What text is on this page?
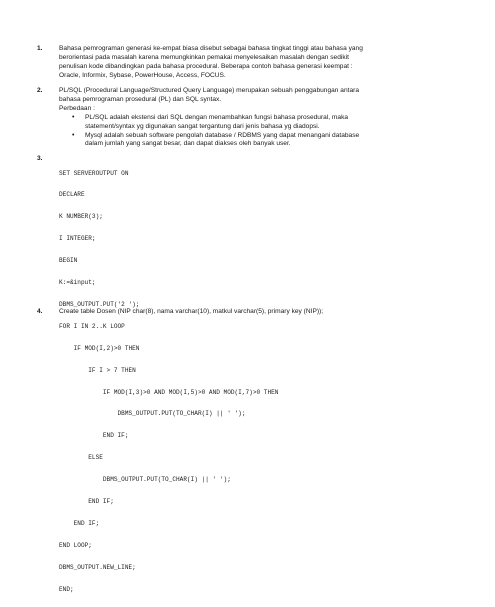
1.	Bahasa pemrograman generasi ke-empat biasa disebut sebagai bahasa tingkat tinggi atau bahasa yang

berorientasi pada masalah karena memungkinkan pemakai menyelesaikan masalah dengan sedikit

penulisan kode dibandingkan pada bahasa procedural. Beberapa contoh bahasa generasi keempat :

Oracle, Informix, Sybase, PowerHouse, Access, FOCUS.

2.	PL/SQL (Procedural Language/Structured Query Language) merupakan sebuah penggabungan antara

bahasa pemrograman prosedural (PL) dan SQL syntax.

Perbedaan :

• PL/SQL adalah ekstensi dari SQL dengan menambahkan fungsi bahasa prosedural, maka
statement/syntax yg digunakan sangat tergantung dari jenis bahasa yg diadopsi.
• Mysql adalah sebuah software pengolah database / RDBMS yang dapat menangani database
dalam jumlah yang sangat besar, dan dapat diakses oleh banyak user.
3.

SET SERVEROUTPUT ON

DECLARE

K NUMBER(3);

I INTEGER;

BEGIN

K:=&input;

DBMS_OUTPUT.PUT('2 ');

FOR I IN 2..K LOOP

IF MOD(I,2)>0 THEN

IF I > 7 THEN

IF MOD(I,3)>0 AND MOD(I,5)>0 AND MOD(I,7)>0 THEN

DBMS_OUTPUT.PUT(TO_CHAR(I) || ' ');

END IF;

ELSE

DBMS_OUTPUT.PUT(TO_CHAR(I) || ' ');

END IF;

END IF;

END LOOP;

DBMS_OUTPUT.NEW_LINE;

END;

4.	Create table Dosen (NIP char(8), nama varchar(10), matkul varchar(5), primary key (NIP));
